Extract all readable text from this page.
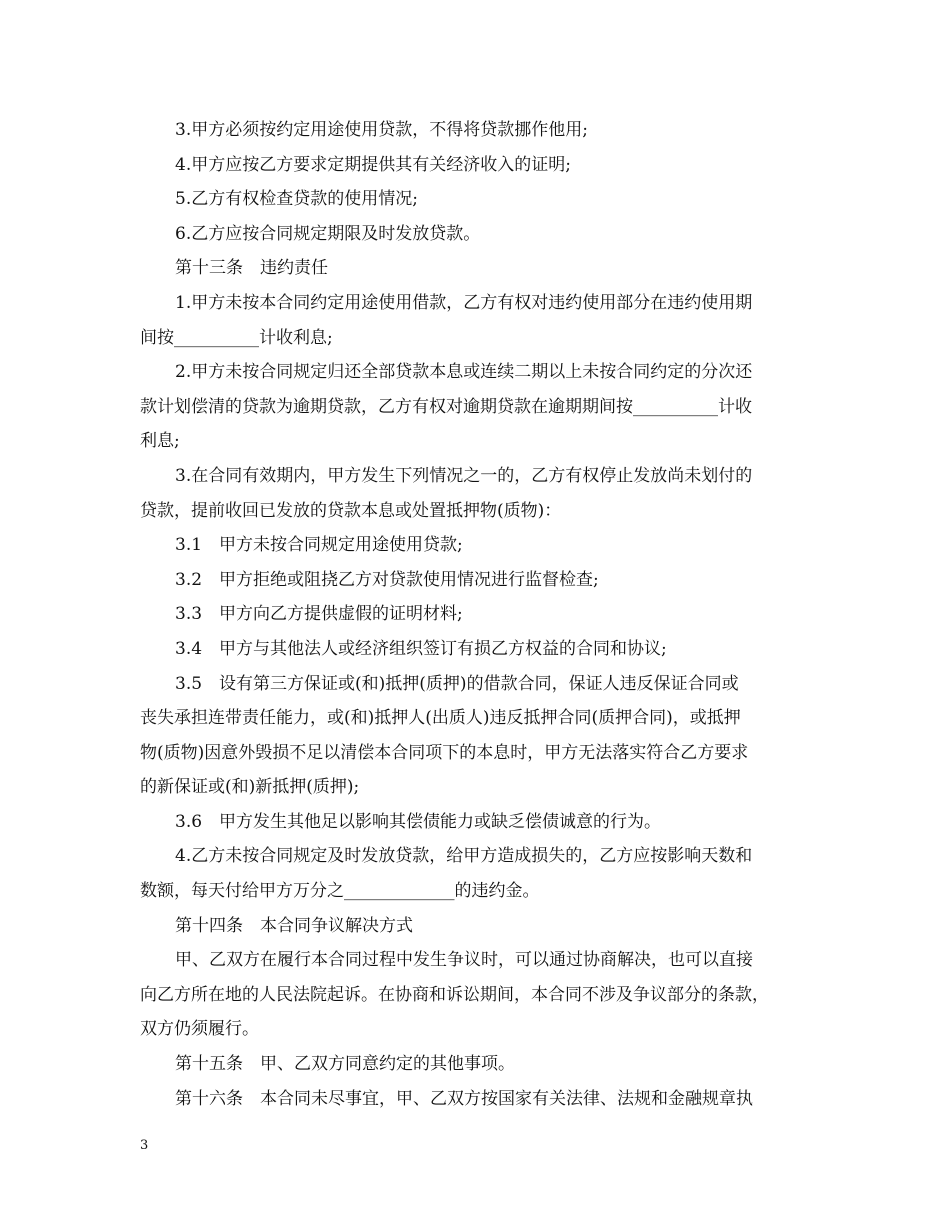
3.甲方必须按约定用途使用贷款，不得将贷款挪作他用;
4.甲方应按乙方要求定期提供其有关经济收入的证明;
5.乙方有权检查贷款的使用情况;
6.乙方应按合同规定期限及时发放贷款。
第十三条　违约责任
1.甲方未按本合同约定用途使用借款，乙方有权对违约使用部分在违约使用期
间按__________计收利息;
2.甲方未按合同规定归还全部贷款本息或连续二期以上未按合同约定的分次还
款计划偿清的贷款为逾期贷款，乙方有权对逾期贷款在逾期期间按__________计收
利息;
3.在合同有效期内，甲方发生下列情况之一的，乙方有权停止发放尚未划付的
贷款，提前收回已发放的贷款本息或处置抵押物(质物)：
3.1　甲方未按合同规定用途使用贷款;
3.2　甲方拒绝或阻挠乙方对贷款使用情况进行监督检查;
3.3　甲方向乙方提供虚假的证明材料;
3.4　甲方与其他法人或经济组织签订有损乙方权益的合同和协议;
3.5　设有第三方保证或(和)抵押(质押)的借款合同，保证人违反保证合同或
丧失承担连带责任能力，或(和)抵押人(出质人)违反抵押合同(质押合同)，或抵押
物(质物)因意外毁损不足以清偿本合同项下的本息时，甲方无法落实符合乙方要求
的新保证或(和)新抵押(质押);
3.6　甲方发生其他足以影响其偿债能力或缺乏偿债诚意的行为。
4.乙方未按合同规定及时发放贷款，给甲方造成损失的，乙方应按影响天数和
数额，每天付给甲方万分之_____________的违约金。
第十四条　本合同争议解决方式
甲、乙双方在履行本合同过程中发生争议时，可以通过协商解决，也可以直接
向乙方所在地的人民法院起诉。在协商和诉讼期间，本合同不涉及争议部分的条款，
双方仍须履行。
第十五条　甲、乙双方同意约定的其他事项。
第十六条　本合同未尽事宜，甲、乙双方按国家有关法律、法规和金融规章执
3
